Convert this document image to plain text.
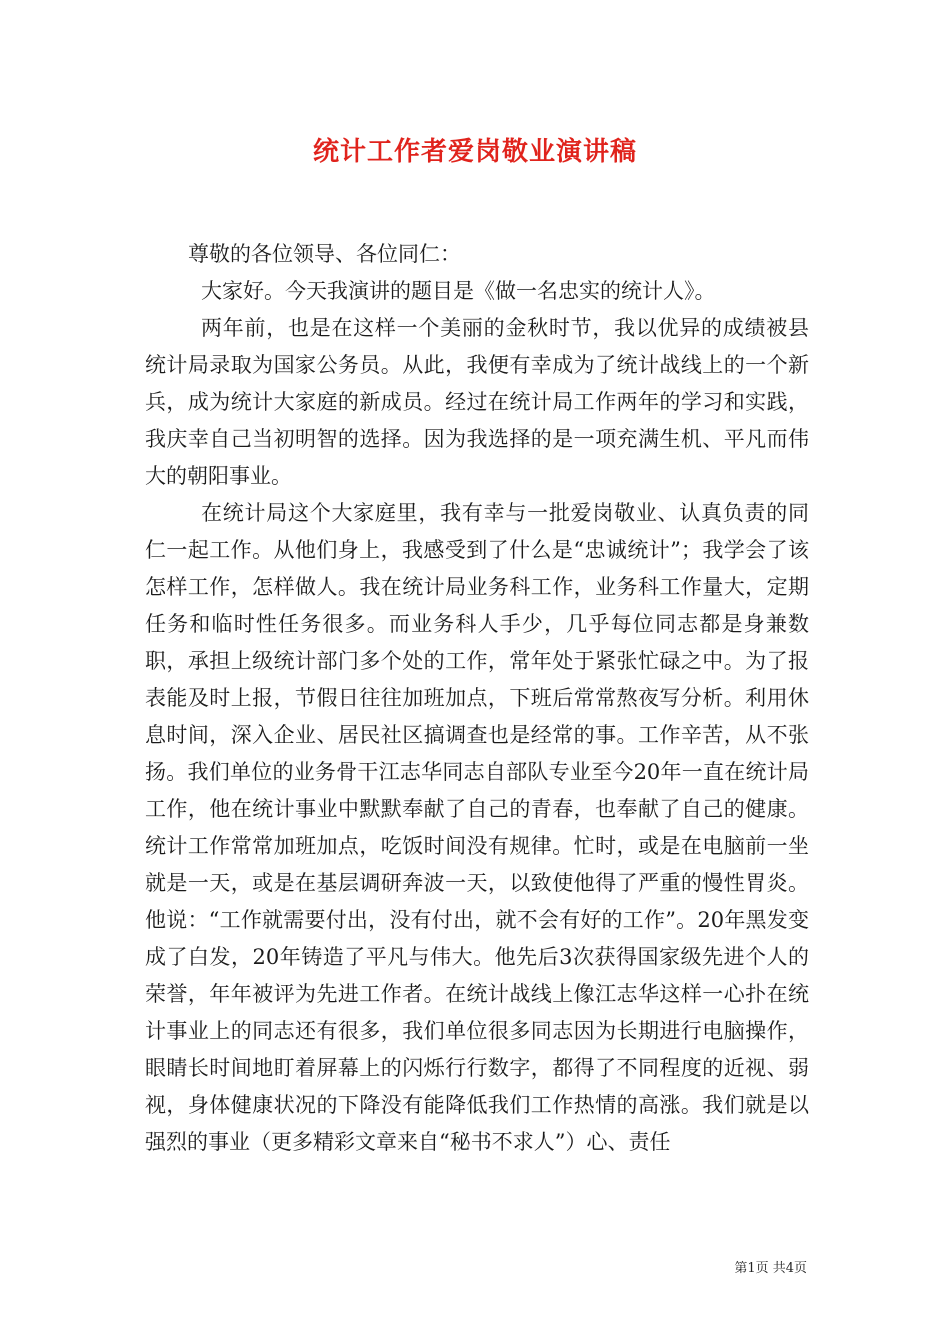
统计工作者爱岗敬业演讲稿

尊敬的各位领导、各位同仁：

大家好。今天我演讲的题目是《做一名忠实的统计人》。

两年前，也是在这样一个美丽的金秋时节，我以优异的成绩被县统计局录取为国家公务员。从此，我便有幸成为了统计战线上的一个新兵，成为统计大家庭的新成员。经过在统计局工作两年的学习和实践，我庆幸自己当初明智的选择。因为我选择的是一项充满生机、平凡而伟大的朝阳事业。

在统计局这个大家庭里，我有幸与一批爱岗敬业、认真负责的同仁一起工作。从他们身上，我感受到了什么是“忠诚统计”；我学会了该怎样工作，怎样做人。我在统计局业务科工作，业务科工作量大，定期任务和临时性任务很多。而业务科人手少，几乎每位同志都是身兼数职，承担上级统计部门多个处的工作，常年处于紧张忙碌之中。为了报表能及时上报，节假日往往加班加点，下班后常常熬夜写分析。利用休息时间，深入企业、居民社区搞调查也是经常的事。工作辛苦，从不张扬。我们单位的业务骨干江志华同志自部队专业至今20年一直在统计局工作，他在统计事业中默默奉献了自己的青春，也奉献了自己的健康。统计工作常常加班加点，吃饭时间没有规律。忙时，或是在电脑前一坐就是一天，或是在基层调研奔波一天，以致使他得了严重的慢性胃炎。他说：“工作就需要付出，没有付出，就不会有好的工作”。20年黑发变成了白发，20年铸造了平凡与伟大。他先后3次获得国家级先进个人的荣誉，年年被评为先进工作者。在统计战线上像江志华这样一心扑在统计事业上的同志还有很多，我们单位很多同志因为长期进行电脑操作，眼睛长时间地盯着屏幕上的闪烁行行数字，都得了不同程度的近视、弱视，身体健康状况的下降没有能降低我们工作热情的高涨。我们就是以强烈的事业（更多精彩文章来自“秘书不求人”）心、责任

第1页 共4页
